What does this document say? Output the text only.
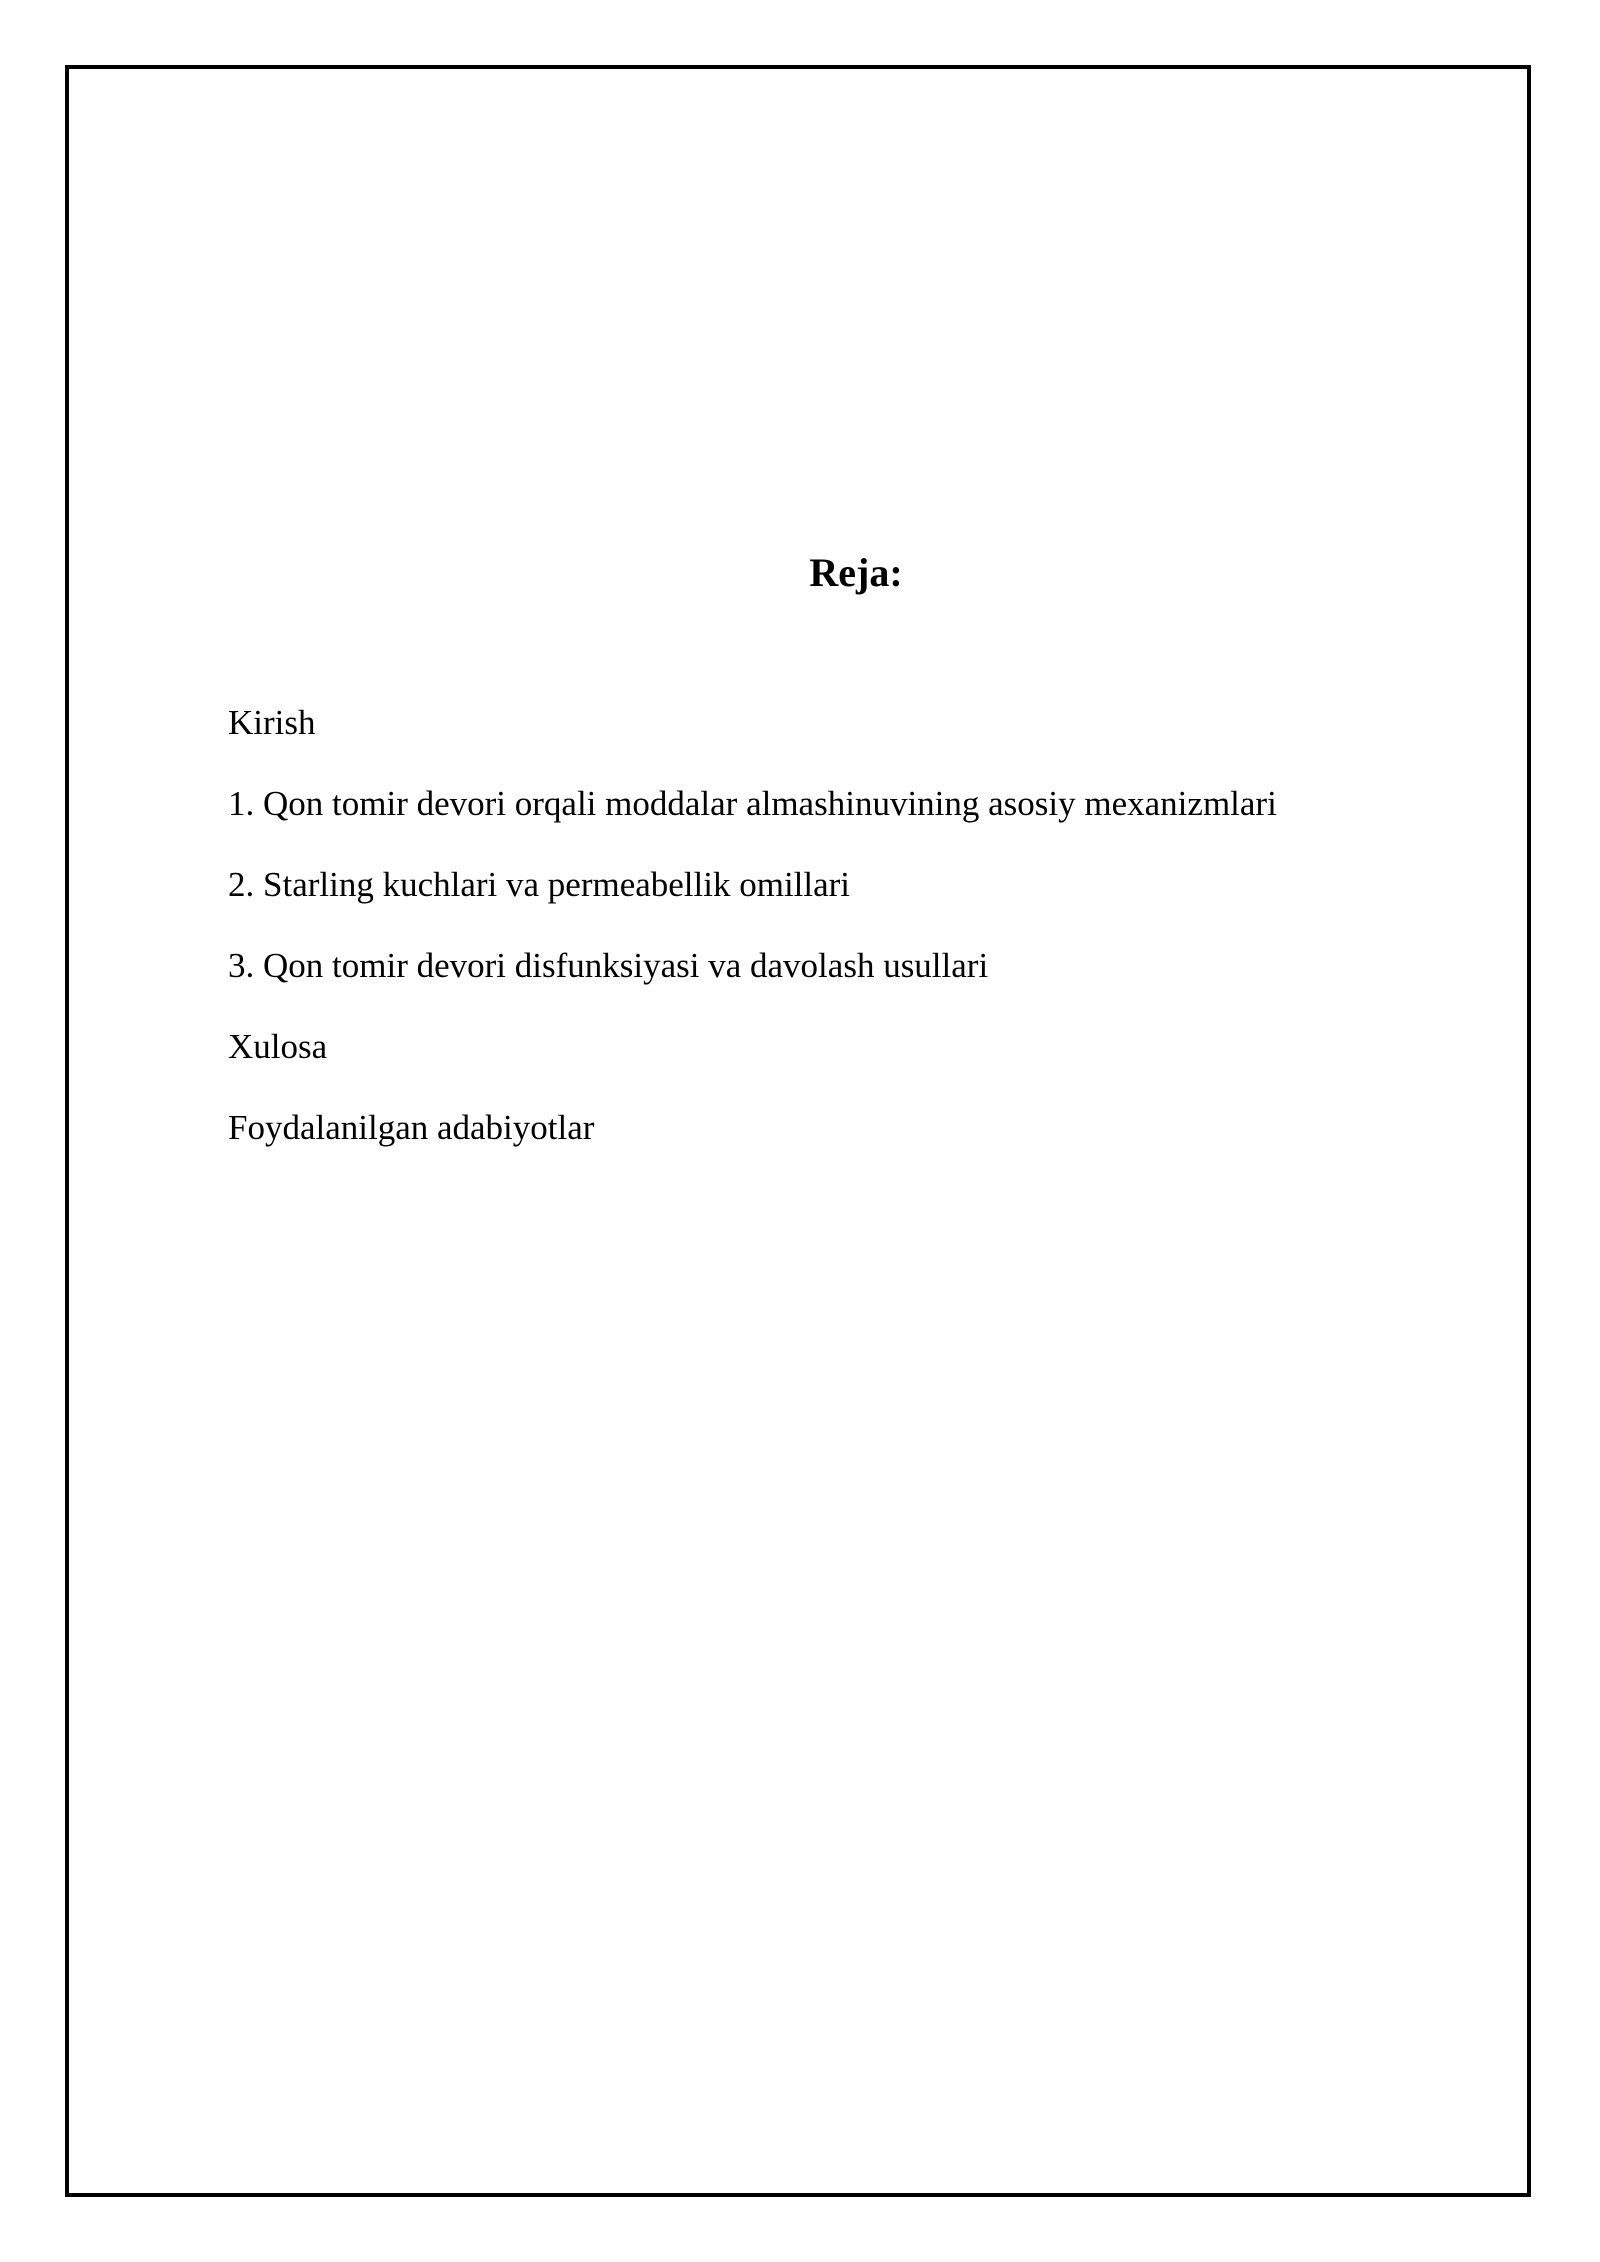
Reja:
Kirish
1. Qon tomir devori orqali moddalar almashinuvining asosiy mexanizmlari
2. Starling kuchlari va permeabellik omillari
3. Qon tomir devori disfunksiyasi va davolash usullari
Xulosa
Foydalanilgan adabiyotlar
